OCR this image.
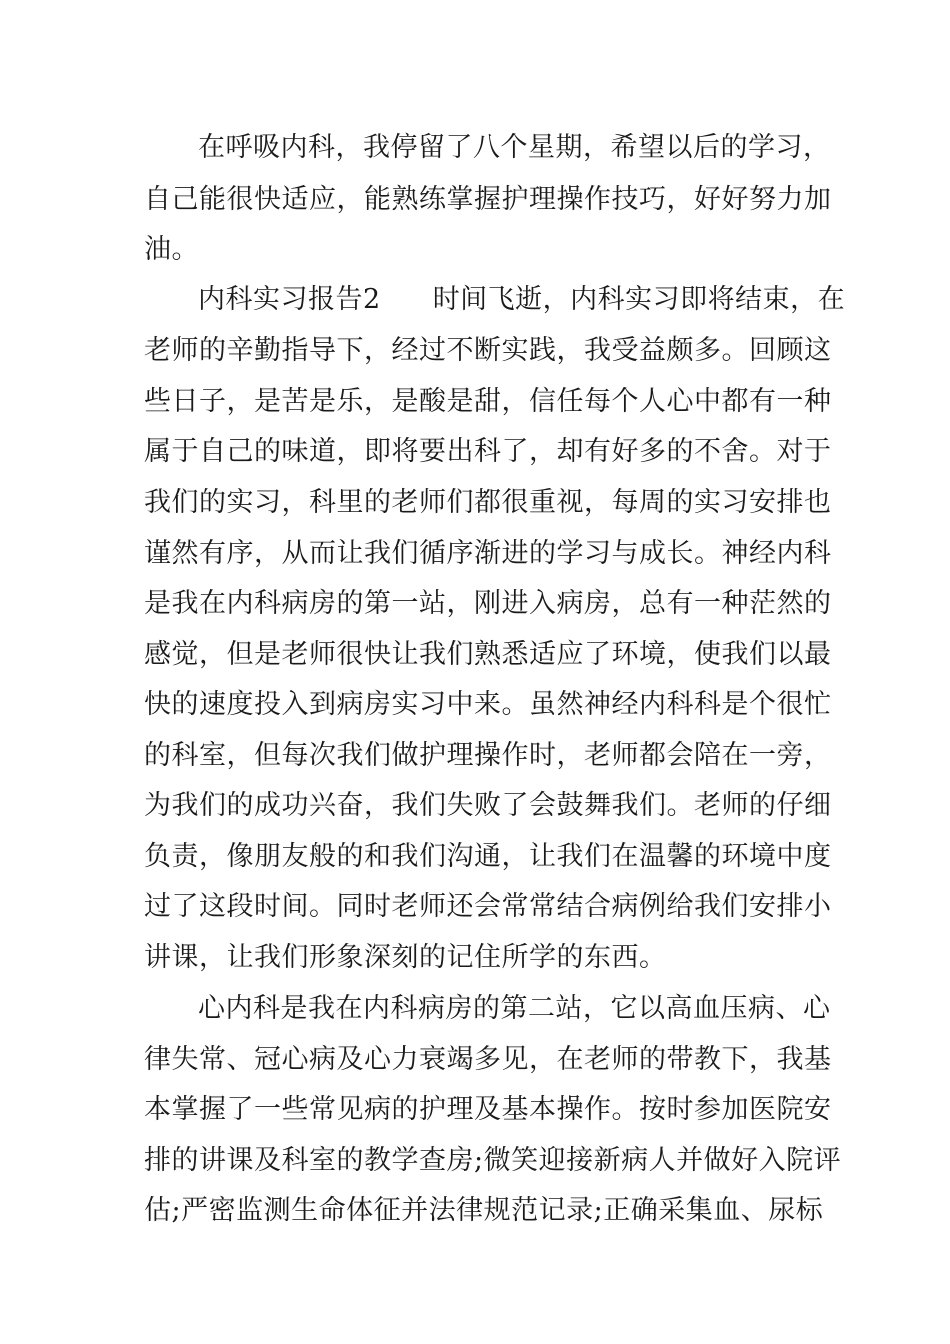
在呼吸内科，我停留了八个星期，希望以后的学习，

自己能很快适应，能熟练掌握护理操作技巧，好好努力加

油。

内科实习报告2 时间飞逝，内科实习即将结束，在

老师的辛勤指导下，经过不断实践，我受益颇多。回顾这

些日子，是苦是乐，是酸是甜，信任每个人心中都有一种

属于自己的味道，即将要出科了，却有好多的不舍。对于

我们的实习，科里的老师们都很重视，每周的实习安排也

谨然有序，从而让我们循序渐进的学习与成长。神经内科

是我在内科病房的第一站，刚进入病房，总有一种茫然的

感觉，但是老师很快让我们熟悉适应了环境，使我们以最

快的速度投入到病房实习中来。虽然神经内科科是个很忙

的科室，但每次我们做护理操作时，老师都会陪在一旁，

为我们的成功兴奋，我们失败了会鼓舞我们。老师的仔细

负责，像朋友般的和我们沟通，让我们在温馨的环境中度

过了这段时间。同时老师还会常常结合病例给我们安排小

讲课，让我们形象深刻的记住所学的东西。

心内科是我在内科病房的第二站，它以高血压病、心

律失常、冠心病及心力衰竭多见，在老师的带教下，我基

本掌握了一些常见病的护理及基本操作。按时参加医院安

排的讲课及科室的教学查房;微笑迎接新病人并做好入院评

估;严密监测生命体征并法律规范记录;正确采集血、尿标
